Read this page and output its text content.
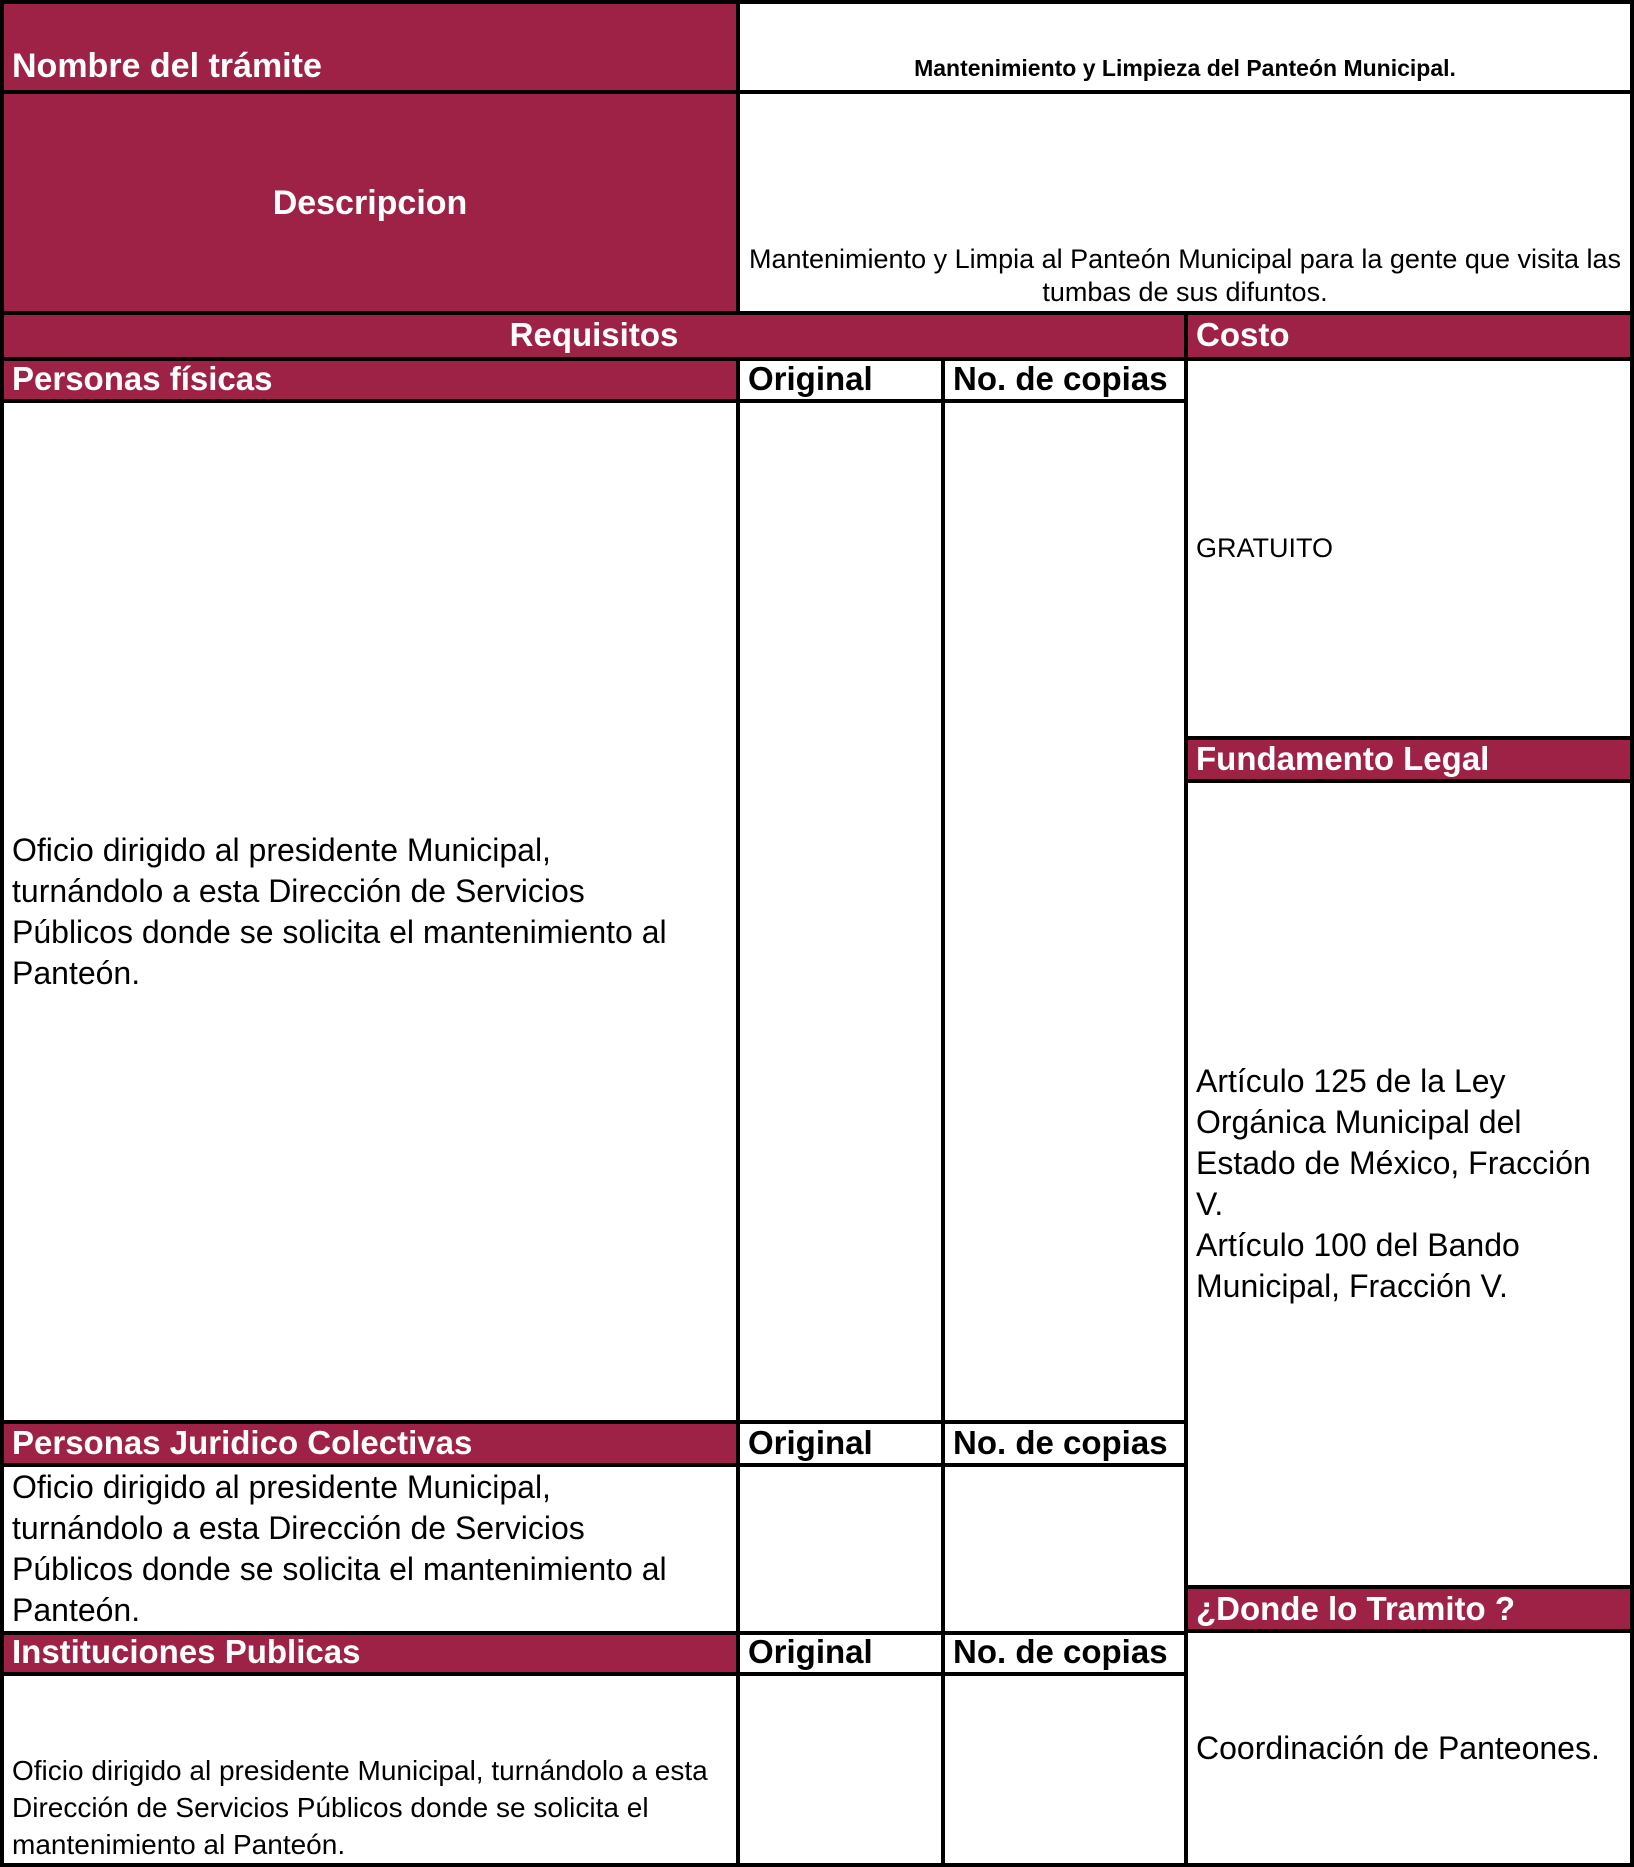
Nombre del trámite	Mantenimiento y Limpieza del Panteón Municipal.
Descripcion
Mantenimiento y Limpia al Panteón Municipal para la gente que visita las tumbas de sus difuntos.
Requisitos
Personas físicas	Original No. de copias
Oficio dirigido al presidente Municipal, turnándolo a esta Dirección de Servicios Públicos donde se solicita el mantenimiento al Panteón.
Personas Juridico Colectivas	Original No. de copias
Oficio dirigido al presidente Municipal, turnándolo a esta Dirección de Servicios Públicos donde se solicita el mantenimiento al Panteón.
Instituciones Publicas	Original No. de copias
Oficio dirigido al presidente Municipal, turnándolo a esta Dirección de Servicios Públicos donde se solicita el mantenimiento al Panteón.
Costo
GRATUITO
Fundamento Legal
Artículo 125 de la Ley Orgánica Municipal del Estado de México, Fracción V.
Artículo 100 del Bando Municipal, Fracción V.
¿Donde lo Tramito ?
Coordinación de Panteones.
